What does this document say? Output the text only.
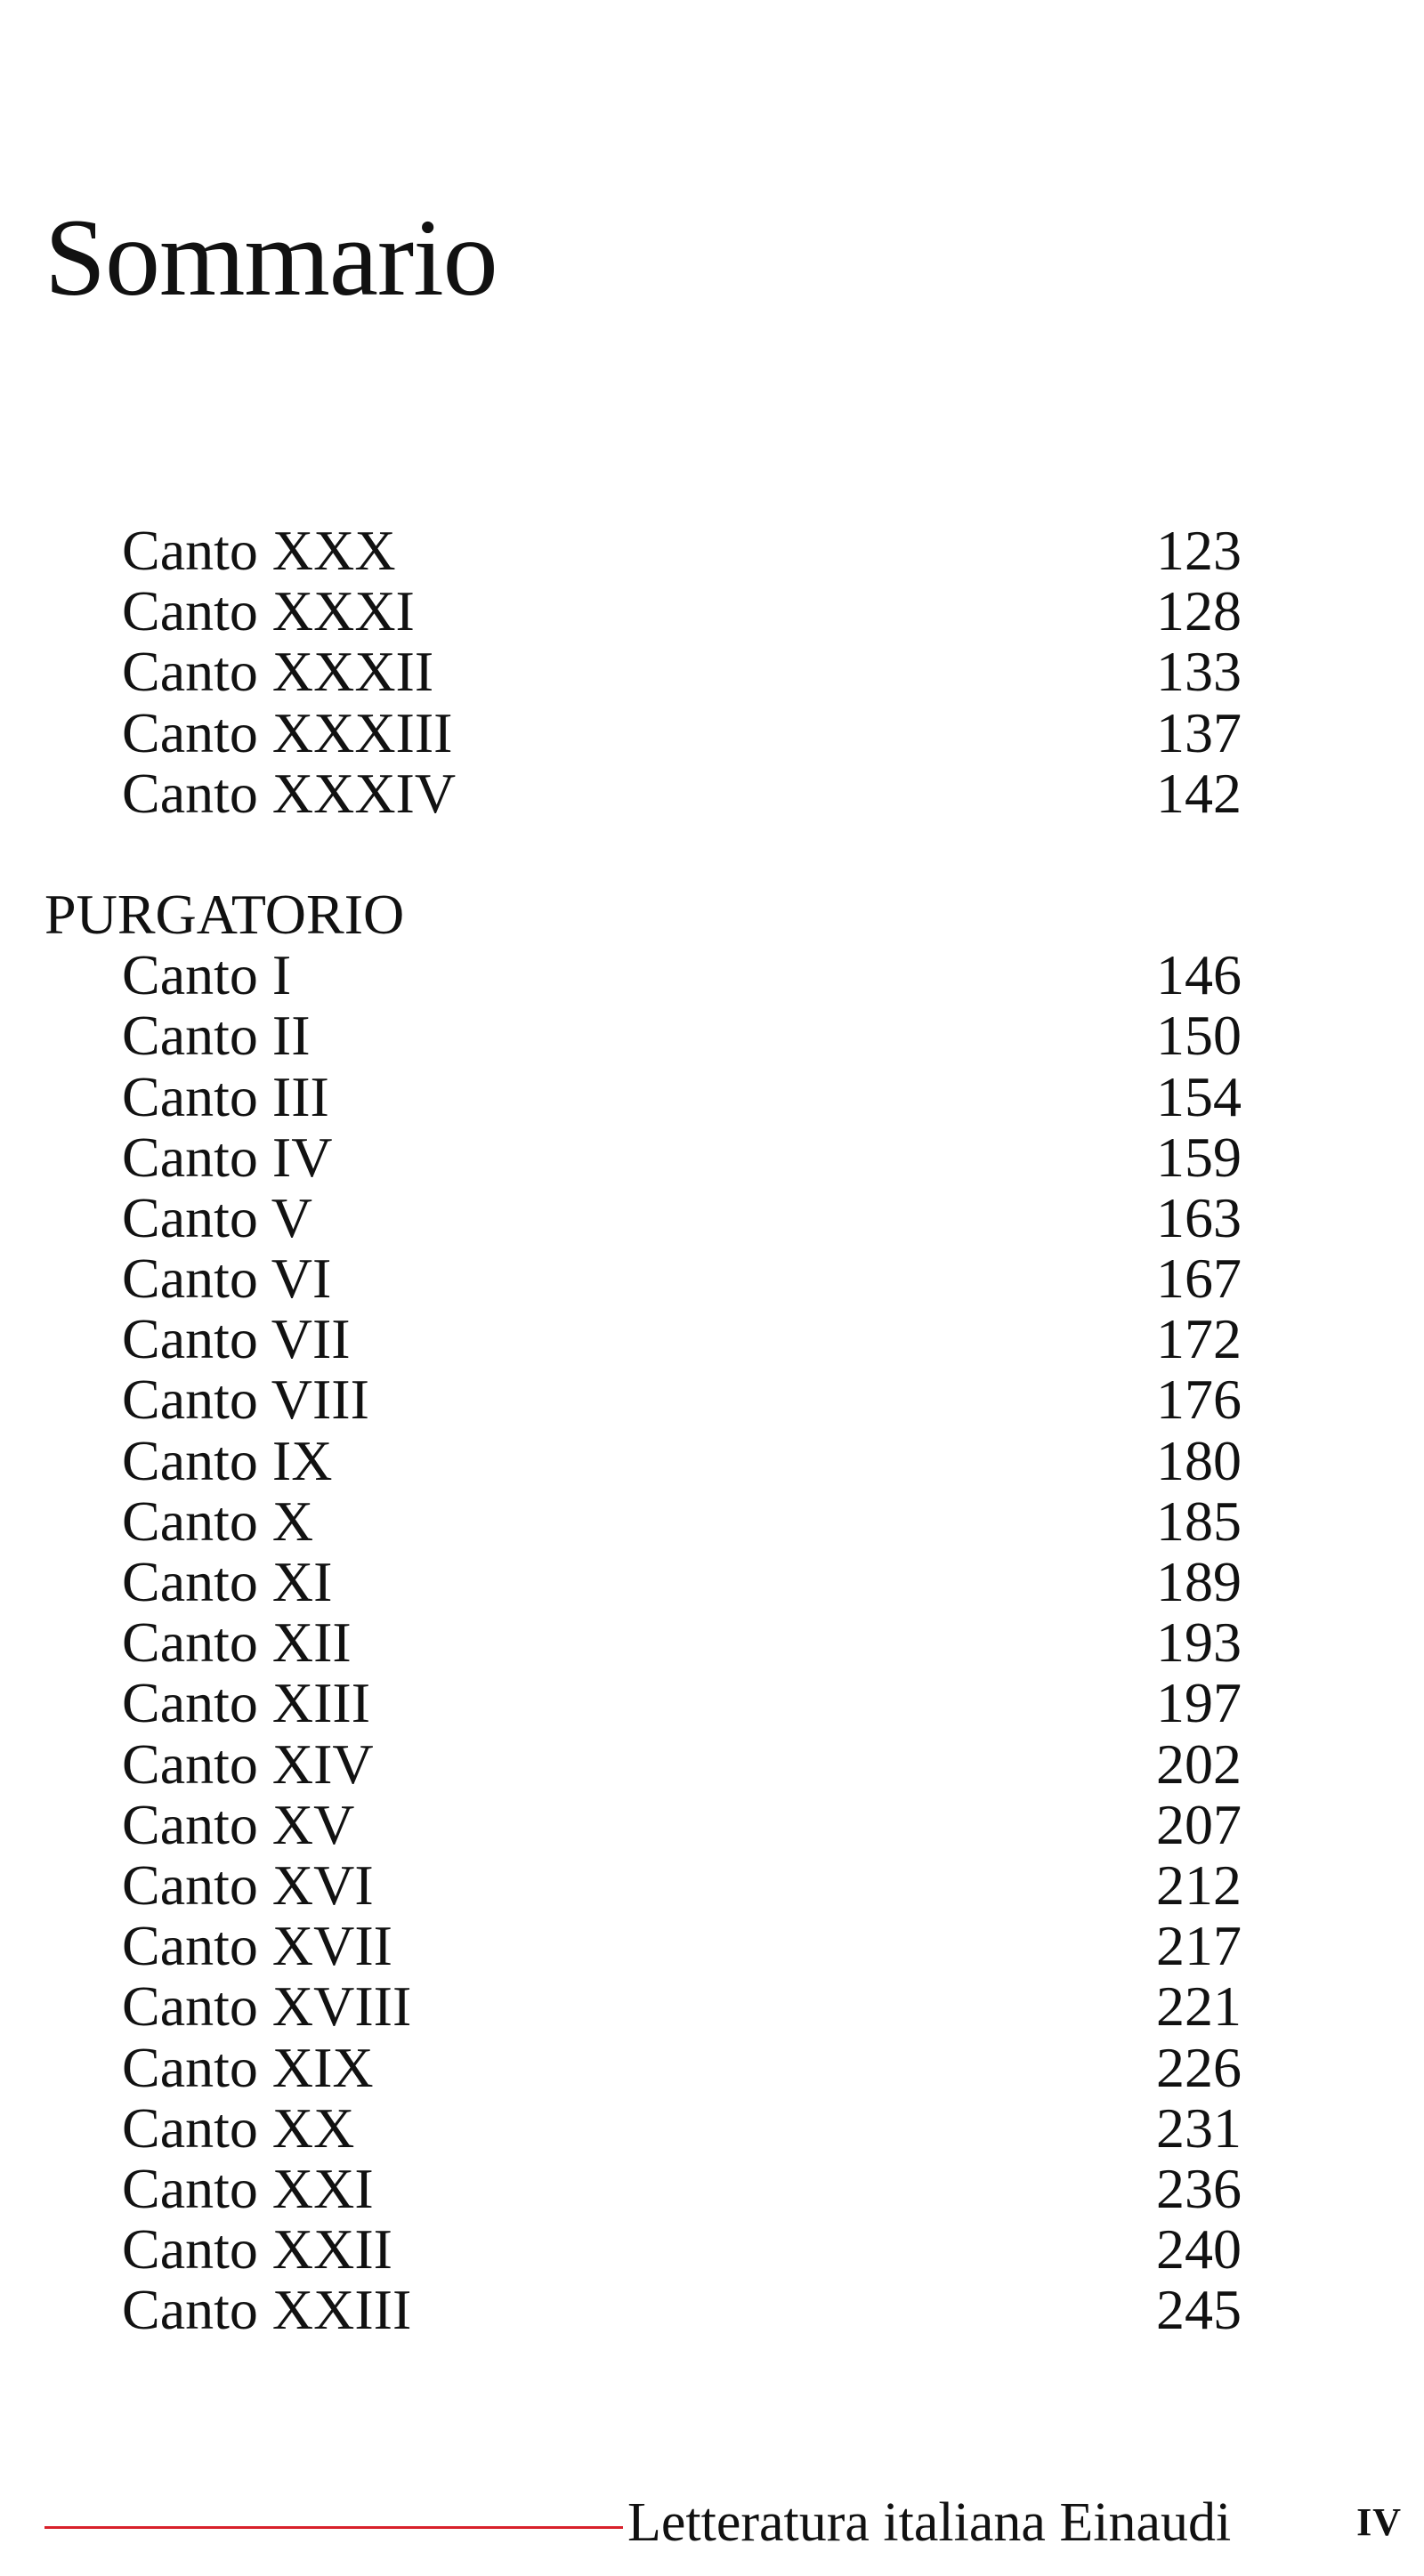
Sommario
Canto XXX	123
Canto XXXI	128
Canto XXXII	133
Canto XXXIII	137
Canto XXXIV	142
PURGATORIO
Canto I	146
Canto II	150
Canto III	154
Canto IV	159
Canto V	163
Canto VI	167
Canto VII	172
Canto VIII	176
Canto IX	180
Canto X	185
Canto XI	189
Canto XII	193
Canto XIII	197
Canto XIV	202
Canto XV	207
Canto XVI	212
Canto XVII	217
Canto XVIII	221
Canto XIX	226
Canto XX	231
Canto XXI	236
Canto XXII	240
Canto XXIII	245
Letteratura italiana Einaudi	IV
